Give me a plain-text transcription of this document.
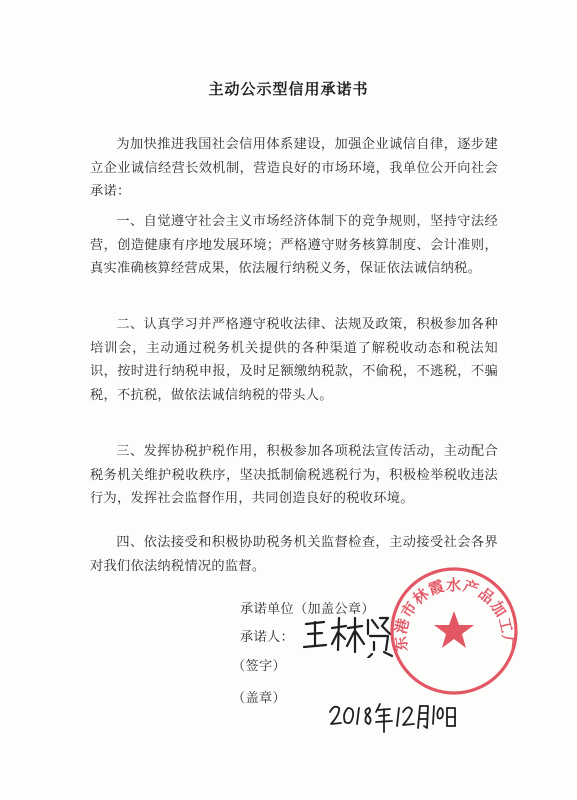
主动公示型信用承诺书

为加快推进我国社会信用体系建设，加强企业诚信自律，逐步建立企业诚信经营长效机制，营造良好的市场环境，我单位公开向社会承诺：

一、自觉遵守社会主义市场经济体制下的竞争规则，坚持守法经营，创造健康有序地发展环境；严格遵守财务核算制度、会计准则，真实准确核算经营成果，依法履行纳税义务，保证依法诚信纳税。

二、认真学习并严格遵守税收法律、法规及政策，积极参加各种培训会，主动通过税务机关提供的各种渠道了解税收动态和税法知识，按时进行纳税申报，及时足额缴纳税款，不偷税，不逃税，不骗税，不抗税，做依法诚信纳税的带头人。

三、发挥协税护税作用，积极参加各项税法宣传活动，主动配合税务机关维护税收秩序，坚决抵制偷税逃税行为，积极检举税收违法行为，发挥社会监督作用，共同创造良好的税收环境。

四、依法接受和积极协助税务机关监督检查，主动接受社会各界对我们依法纳税情况的监督。

承诺单位（加盖公章）
承诺人：
（签字）
（盖章）
东港市林霞水产品加工厂
